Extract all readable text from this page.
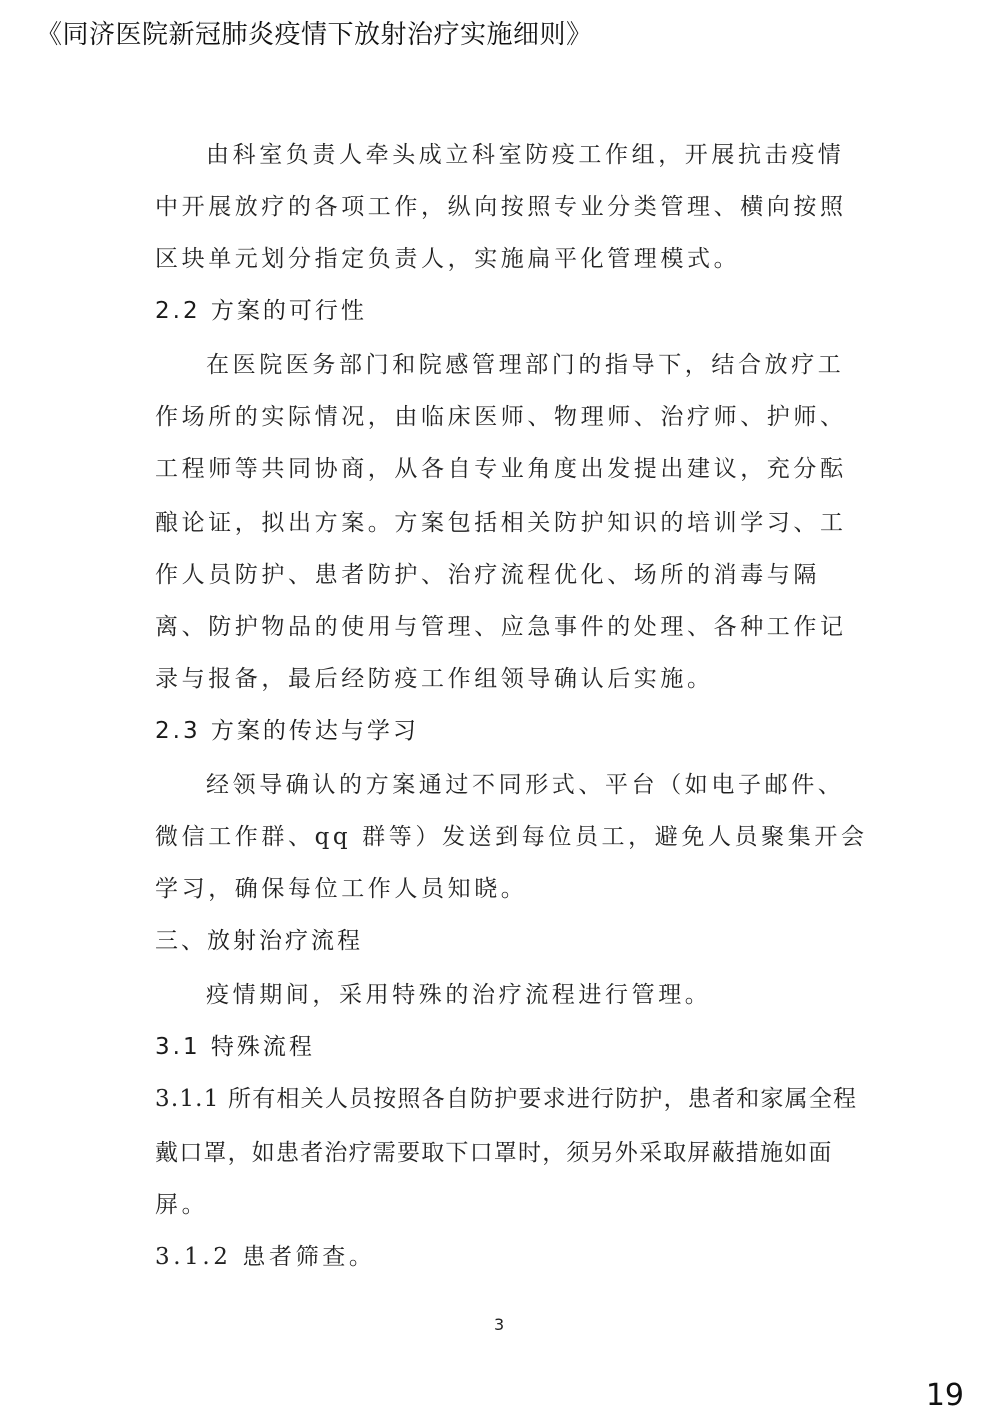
《同济医院新冠肺炎疫情下放射治疗实施细则》
由科室负责人牵头成立科室防疫工作组，开展抗击疫情
中开展放疗的各项工作，纵向按照专业分类管理、横向按照
区块单元划分指定负责人，实施扁平化管理模式。
2.2 方案的可行性
在医院医务部门和院感管理部门的指导下，结合放疗工
作场所的实际情况，由临床医师、物理师、治疗师、护师、
工程师等共同协商，从各自专业角度出发提出建议，充分酝
酿论证，拟出方案。方案包括相关防护知识的培训学习、工
作人员防护、患者防护、治疗流程优化、场所的消毒与隔
离、防护物品的使用与管理、应急事件的处理、各种工作记
录与报备，最后经防疫工作组领导确认后实施。
2.3 方案的传达与学习
经领导确认的方案通过不同形式、平台（如电子邮件、
微信工作群、qq 群等）发送到每位员工，避免人员聚集开会
学习，确保每位工作人员知晓。
三、放射治疗流程
疫情期间，采用特殊的治疗流程进行管理。
3.1 特殊流程
3.1.1 所有相关人员按照各自防护要求进行防护，患者和家属全程
戴口罩，如患者治疗需要取下口罩时，须另外采取屏蔽措施如面
屏。
3.1.2 患者筛查。
3
19
